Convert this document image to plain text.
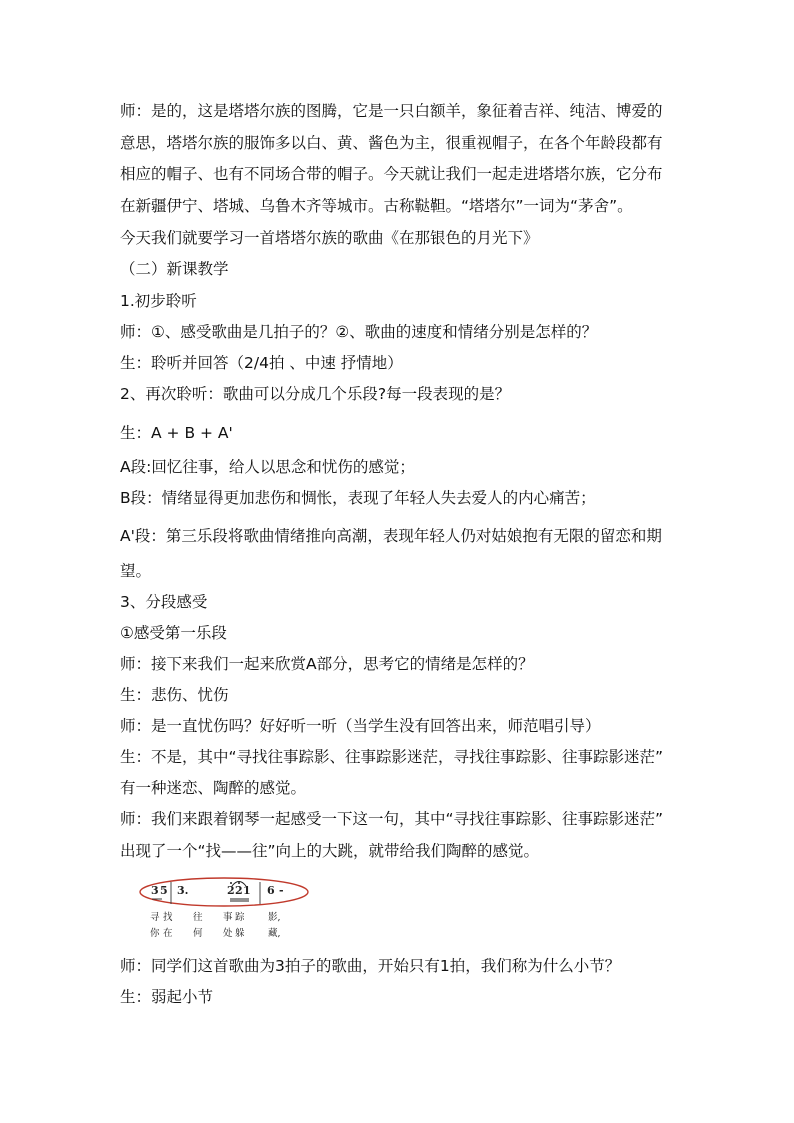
师：是的，这是塔塔尔族的图腾，它是一只白额羊，象征着吉祥、纯洁、博爱的
意思，塔塔尔族的服饰多以白、黄、酱色为主，很重视帽子，在各个年龄段都有
相应的帽子、也有不同场合带的帽子。今天就让我们一起走进塔塔尔族，它分布
在新疆伊宁、塔城、乌鲁木齐等城市。古称鞑靼。“塔塔尔”一词为“茅舍”。
今天我们就要学习一首塔塔尔族的歌曲《在那银色的月光下》
（二）新课教学
1.初步聆听
师：①、感受歌曲是几拍子的？②、歌曲的速度和情绪分别是怎样的？
生：聆听并回答（2/4拍 、中速 抒情地）
2、再次聆听：歌曲可以分成几个乐段?每一段表现的是？
生：A + B + A'
A段:回忆往事，给人以思念和忧伤的感觉；
B段：情绪显得更加悲伤和惆怅，表现了年轻人失去爱人的内心痛苦；
A'段：第三乐段将歌曲情绪推向高潮，表现年轻人仍对姑娘抱有无限的留恋和期
望。
3、分段感受
①感受第一乐段
师：接下来我们一起来欣赏A部分，思考它的情绪是怎样的？
生：悲伤、忧伤
师：是一直忧伤吗？好好听一听（当学生没有回答出来，师范唱引导）
生：不是，其中“寻找往事踪影、往事踪影迷茫，寻找往事踪影、往事踪影迷茫”
有一种迷恋、陶醉的感觉。
师：我们来跟着钢琴一起感受一下这一句，其中“寻找往事踪影、往事踪影迷茫”
出现了一个“找——往”向上的大跳，就带给我们陶醉的感觉。
3 5 3.	2 2 1 6 -
寻 找 往 事 踪 影,
你 在 何 处 躲 藏,
师：同学们这首歌曲为3拍子的歌曲，开始只有1拍，我们称为什么小节？
生：弱起小节
